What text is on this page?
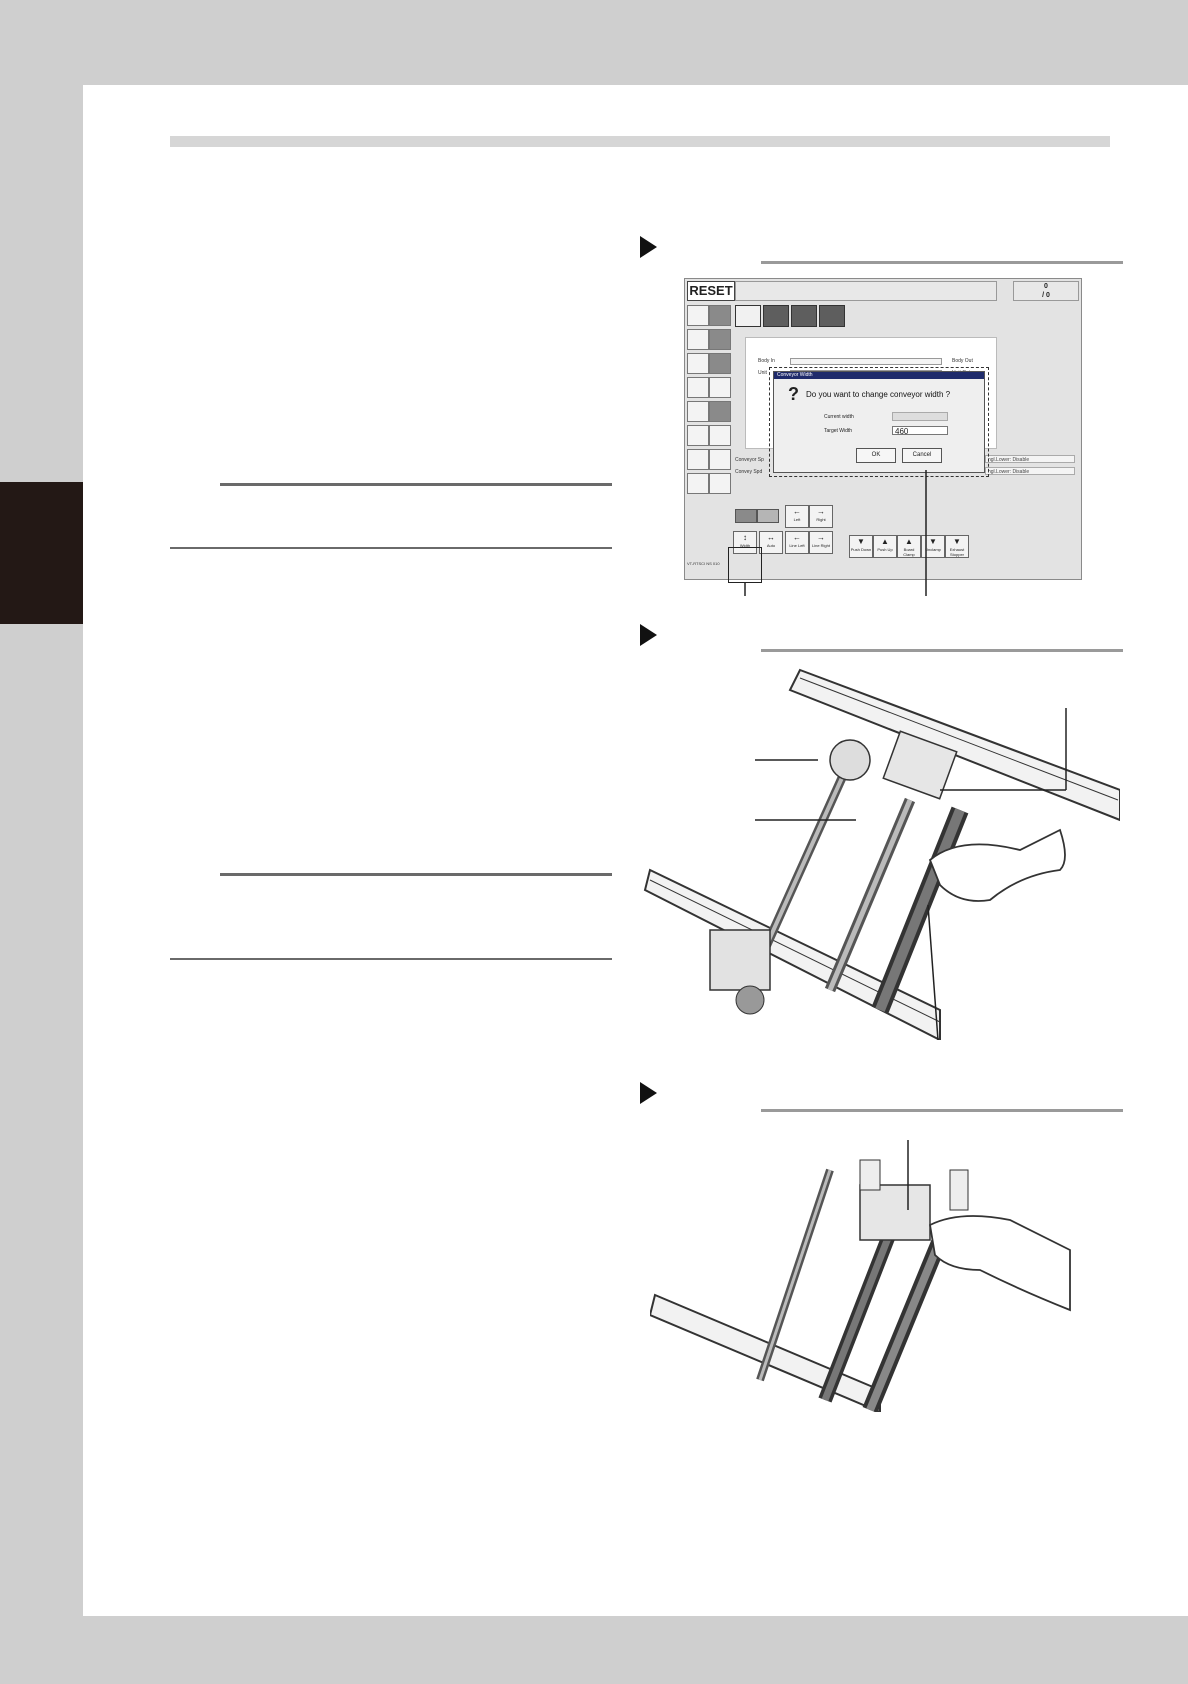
RESET	0
/ 0
Body In	Body Out
Unit
Conveyor Sp
Convey Spd
ngl.Lower: Disable
ngl.Lower: Disable
Conveyor Width
? Do you want to change conveyor width ?
Current width
Target Width	460
OK	Cancel
←
Left
→
Right
↕
Width
↔
Auto
←
Line Left
→
Line Right	▼
Push Down
▲
Push Up
▲
Board Clamp
▼
Unclamp
▼
Exhaust Stopper
VT-RTSCI NS 010
